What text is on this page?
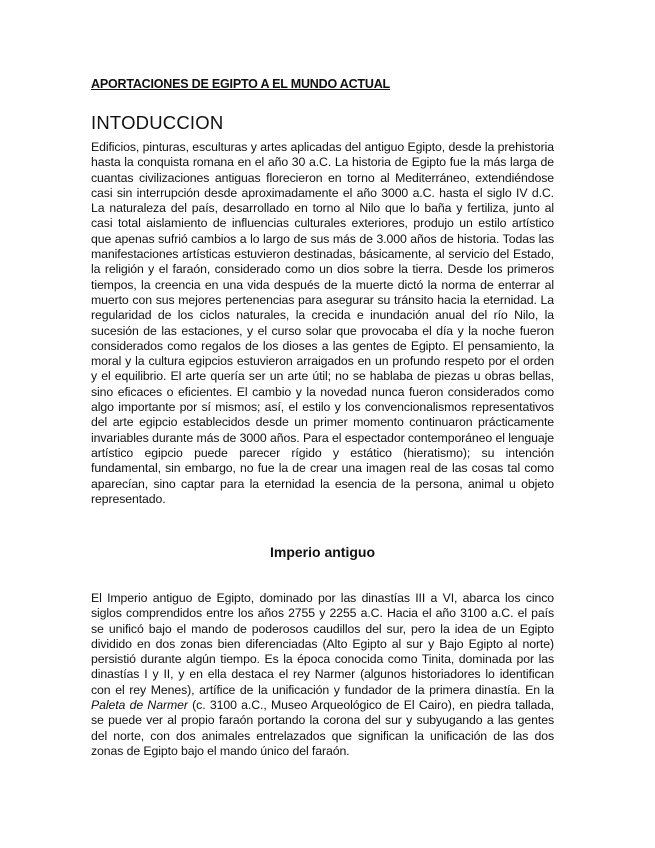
APORTACIONES DE EGIPTO A EL MUNDO ACTUAL
INTODUCCION

Edificios, pinturas, esculturas y artes aplicadas del antiguo Egipto, desde la prehistoria hasta la conquista romana en el año 30 a.C. La historia de Egipto fue la más larga de cuantas civilizaciones antiguas florecieron en torno al Mediterráneo, extendiéndose casi sin interrupción desde aproximadamente el año 3000 a.C. hasta el siglo IV d.C. La naturaleza del país, desarrollado en torno al Nilo que lo baña y fertiliza, junto al casi total aislamiento de influencias culturales exteriores, produjo un estilo artístico que apenas sufrió cambios a lo largo de sus más de 3.000 años de historia. Todas las manifestaciones artísticas estuvieron destinadas, básicamente, al servicio del Estado, la religión y el faraón, considerado como un dios sobre la tierra. Desde los primeros tiempos, la creencia en una vida después de la muerte dictó la norma de enterrar al muerto con sus mejores pertenencias para asegurar su tránsito hacia la eternidad. La regularidad de los ciclos naturales, la crecida e inundación anual del río Nilo, la sucesión de las estaciones, y el curso solar que provocaba el día y la noche fueron considerados como regalos de los dioses a las gentes de Egipto. El pensamiento, la moral y la cultura egipcios estuvieron arraigados en un profundo respeto por el orden y el equilibrio. El arte quería ser un arte útil; no se hablaba de piezas u obras bellas, sino eficaces o eficientes. El cambio y la novedad nunca fueron considerados como algo importante por sí mismos; así, el estilo y los convencionalismos representativos del arte egipcio establecidos desde un primer momento continuaron prácticamente invariables durante más de 3000 años. Para el espectador contemporáneo el lenguaje artístico egipcio puede parecer rígido y estático (hieratismo); su intención fundamental, sin embargo, no fue la de crear una imagen real de las cosas tal como aparecían, sino captar para la eternidad la esencia de la persona, animal u objeto representado.

Imperio antiguo

El Imperio antiguo de Egipto, dominado por las dinastías III a VI, abarca los cinco siglos comprendidos entre los años 2755 y 2255 a.C. Hacia el año 3100 a.C. el país se unificó bajo el mando de poderosos caudillos del sur, pero la idea de un Egipto dividido en dos zonas bien diferenciadas (Alto Egipto al sur y Bajo Egipto al norte) persistió durante algún tiempo. Es la época conocida como Tinita, dominada por las dinastías I y II, y en ella destaca el rey Narmer (algunos historiadores lo identifican con el rey Menes), artífice de la unificación y fundador de la primera dinastía. En la Paleta de Narmer (c. 3100 a.C., Museo Arqueológico de El Cairo), en piedra tallada, se puede ver al propio faraón portando la corona del sur y subyugando a las gentes del norte, con dos animales entrelazados que significan la unificación de las dos zonas de Egipto bajo el mando único del faraón.
